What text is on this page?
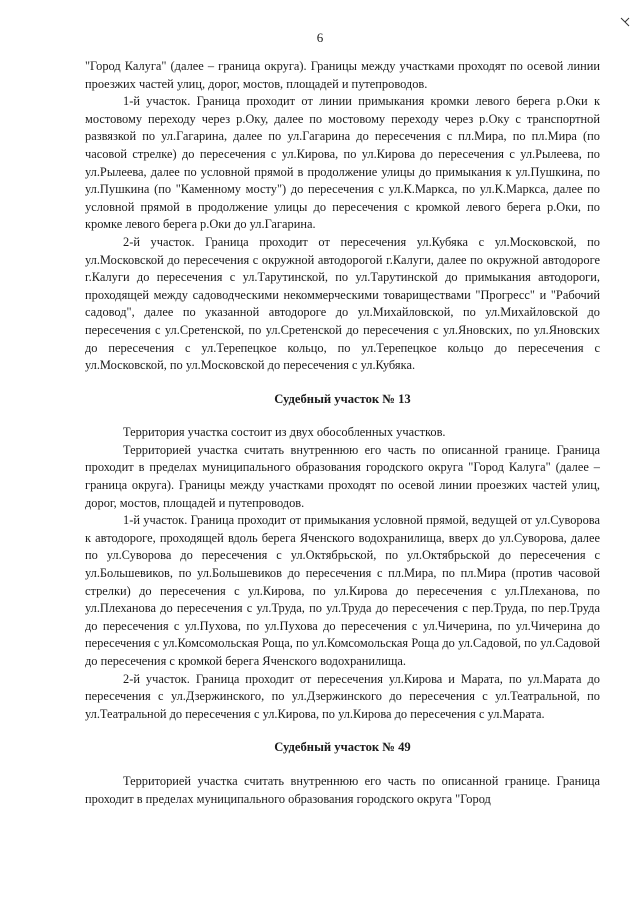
6

"Город Калуга" (далее – граница округа). Границы между участками проходят по осевой линии проезжих частей улиц, дорог, мостов, площадей и путепроводов.

1-й участок. Граница проходит от линии примыкания кромки левого берега р.Оки к мостовому переходу через р.Оку, далее по мостовому переходу через р.Оку с транспортной развязкой по ул.Гагарина, далее по ул.Гагарина до пересечения с пл.Мира, по пл.Мира (по часовой стрелке) до пересечения с ул.Кирова, по ул.Кирова до пересечения с ул.Рылеева, по ул.Рылеева, далее по условной прямой в продолжение улицы до примыкания к ул.Пушкина, по ул.Пушкина (по "Каменному мосту") до пересечения с ул.К.Маркса, по ул.К.Маркса, далее по условной прямой в продолжение улицы до пересечения с кромкой левого берега р.Оки, по кромке левого берега р.Оки до ул.Гагарина.

2-й участок. Граница проходит от пересечения ул.Кубяка с ул.Московской, по ул.Московской до пересечения с окружной автодорогой г.Калуги, далее по окружной автодороге г.Калуги до пересечения с ул.Тарутинской, по ул.Тарутинской до примыкания автодороги, проходящей между садоводческими некоммерческими товариществами "Прогресс" и "Рабочий садовод", далее по указанной автодороге до ул.Михайловской, по ул.Михайловской до пересечения с ул.Сретенской, по ул.Сретенской до пересечения с ул.Яновских, по ул.Яновских до пересечения с ул.Терепецкое кольцо, по ул.Терепецкое кольцо до пересечения с ул.Московской, по ул.Московской до пересечения с ул.Кубяка.

Судебный участок № 13

Территория участка состоит из двух обособленных участков.

Территорией участка считать внутреннюю его часть по описанной границе. Граница проходит в пределах муниципального образования городского округа "Город Калуга" (далее – граница округа). Границы между участками проходят по осевой линии проезжих частей улиц, дорог, мостов, площадей и путепроводов.

1-й участок. Граница проходит от примыкания условной прямой, ведущей от ул.Суворова к автодороге, проходящей вдоль берега Яченского водохранилища, вверх до ул.Суворова, далее по ул.Суворова до пересечения с ул.Октябрьской, по ул.Октябрьской до пересечения с ул.Большевиков, по ул.Большевиков до пересечения с пл.Мира, по пл.Мира (против часовой стрелки) до пересечения с ул.Кирова, по ул.Кирова до пересечения с ул.Плеханова, по ул.Плеханова до пересечения с ул.Труда, по ул.Труда до пересечения с пер.Труда, по пер.Труда до пересечения с ул.Пухова, по ул.Пухова до пересечения с ул.Чичерина, по ул.Чичерина до пересечения с ул.Комсомольская Роща, по ул.Комсомольская Роща до ул.Садовой, по ул.Садовой до пересечения с кромкой берега Яченского водохранилища.

2-й участок. Граница проходит от пересечения ул.Кирова и Марата, по ул.Марата до пересечения с ул.Дзержинского, по ул.Дзержинского до пересечения с ул.Театральной, по ул.Театральной до пересечения с ул.Кирова, по ул.Кирова до пересечения с ул.Марата.

Судебный участок № 49

Территорией участка считать внутреннюю его часть по описанной границе. Граница проходит в пределах муниципального образования городского округа "Город
